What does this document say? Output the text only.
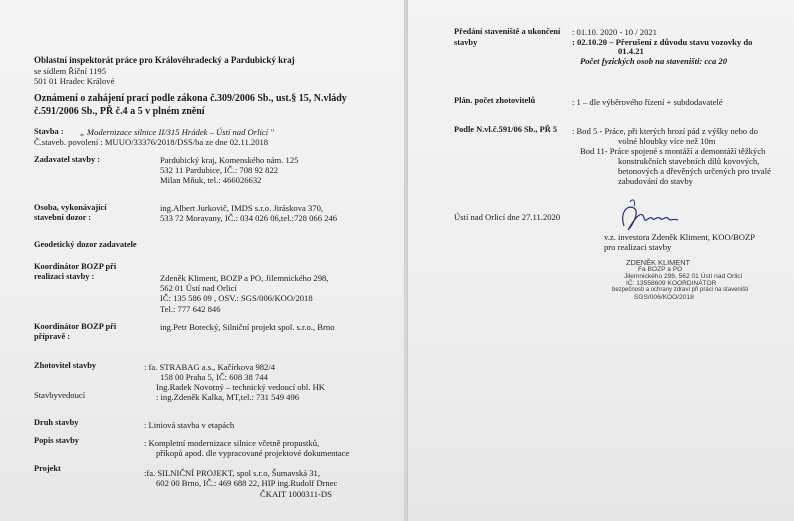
Oblastní inspektorát práce pro Královéhradecký a Pardubický kraj
se sídlem Říční 1195
501 01 Hradec Králové
Oznámení o zahájení prací podle zákona č.309/2006 Sb., ust.§ 15, N.vlády
č.591/2006 Sb., PŘ č.4 a 5 v plném znění
Stavba : „ Modernizace silnice II/315 Hrádek – Ústí nad Orlicí "
Č.staveb. povolení : MUUO/33376/2018/DSS/ba ze dne 02.11.2018
Zadavatel stavby :	Pardubický kraj, Komenského nám. 125
532 11 Pardubice, IČ.: 708 92 822
Milan Mňuk, tel.: 466026632
Osoba, vykonávající
stavební dozor :
ing.Albert Jurkovič, IMDS s.r.o. Jiráskova 370,
533 72 Moravany, IČ.: 034 026 06,tel.:728 066 246
Geodetický dozor zadavatele
Koordinátor BOZP při
realizaci stavby :	Zdeněk Kliment, BOZP a PO, Jilemnického 298,
562 01 Ústí nad Orlicí
IČ: 135 586 09 , OSV.: SGS/006/KOO/2018
Tel.: 777 642 846
Koordinátor BOZP při
přípravě :
ing.Petr Borecký, Silniční projekt spol. s.r.o., Brno
Zhotovitel stavby	: fa. STRABAG a.s., Kačírkova 982/4
158 00 Praha 5, IČ: 608 38 744
Ing.Radek Novotný – technický vedoucí obl. HK
Stavbyvedoucí	: ing.Zdeněk Kalka, MT,tel.: 731 549 496
Druh stavby	: Liniová stavba v etapách
Popis stavby	: Kompletní modernizace silnice včetně propustků,
příkopů apod. dle vypracované projektové dokumentace
Projekt	:fa. SILNIČNÍ PROJEKT, spol s.r.o, Šumavská 31,
602 00 Brno, IČ.: 469 688 22, HIP ing.Rudolf Drnec
ČKAIT 1000311-DS
Předání staveniště a ukončení
stavby
: 01.10. 2020 - 10 / 2021
: 02.10.20 – Přerušení z důvodu stavu vozovky do
01.4.21
Počet fyzických osob na staveništi: cca 20
Plán. počet zhotovitelů	: 1 – dle výběrového řízení + subdodavatelé
Podle N.vl.č.591/06 Sb., PŘ 5 : Bod 5 - Práce, při kterých hrozí pád z výšky nebo do
volné hloubky více než 10m
Bod 11- Práce spojené s montáží a demontáží těžkých
konstrukčních stavebních dílů kovových,
betonových a dřevěných určených pro trvalé
zabudování do stavby
Ústí nad Orlicí dne 27.11.2020
v.z. investora Zdeněk Kliment, KOO/BOZP
pro realizaci stavby
ZDENĚK KLIMENT
Fa BOZP a PO
Jilemnického 298, 562 01 Ústí nad Orlicí
IČ: 13558609 KOORDINÁTOR
bezpečnosti a ochrany zdraví při práci na staveništi
SGS/006/KOO/2018
